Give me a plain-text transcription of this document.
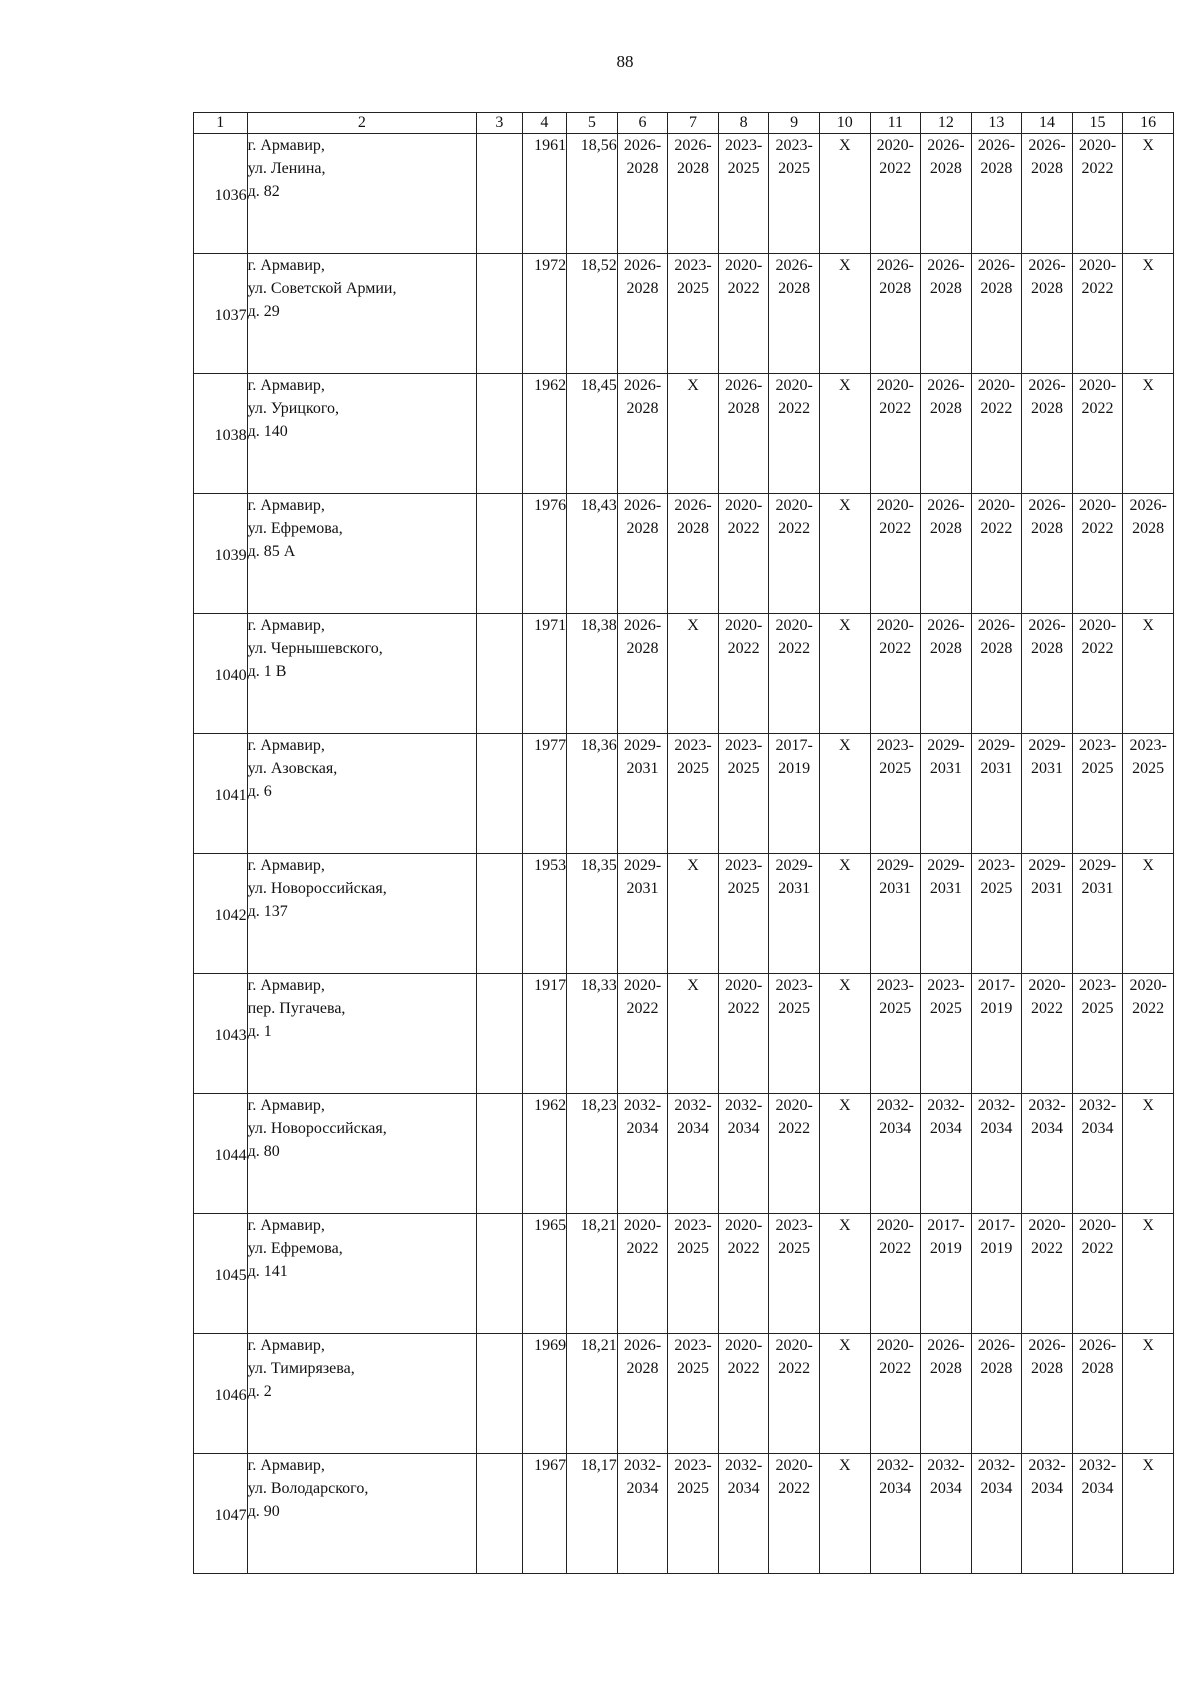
88
1	2	3	4	5	6	7	8	9	10	11	12	13	14	15	16

1036	г. Армавир,
ул. Ленина,
д. 82		1961	18,56	2026-
2028	2026-
2028	2023-
2025	2023-
2025	Х	2020-
2022	2026-
2028	2026-
2028	2026-
2028	2020-
2022	Х

1037	г. Армавир,
ул. Советской Армии,
д. 29		1972	18,52	2026-
2028	2023-
2025	2020-
2022	2026-
2028	Х	2026-
2028	2026-
2028	2026-
2028	2026-
2028	2020-
2022	Х

1038	г. Армавир,
ул. Урицкого,
д. 140		1962	18,45	2026-
2028	Х	2026-
2028	2020-
2022	Х	2020-
2022	2026-
2028	2020-
2022	2026-
2028	2020-
2022	Х

1039	г. Армавир,
ул. Ефремова,
д. 85 А		1976	18,43	2026-
2028	2026-
2028	2020-
2022	2020-
2022	Х	2020-
2022	2026-
2028	2020-
2022	2026-
2028	2020-
2022	2026-
2028

1040	г. Армавир,
ул. Чернышевского,
д. 1 В		1971	18,38	2026-
2028	Х	2020-
2022	2020-
2022	Х	2020-
2022	2026-
2028	2026-
2028	2026-
2028	2020-
2022	Х

1041	г. Армавир,
ул. Азовская,
д. 6		1977	18,36	2029-
2031	2023-
2025	2023-
2025	2017-
2019	Х	2023-
2025	2029-
2031	2029-
2031	2029-
2031	2023-
2025	2023-
2025

1042	г. Армавир,
ул. Новороссийская,
д. 137		1953	18,35	2029-
2031	Х	2023-
2025	2029-
2031	Х	2029-
2031	2029-
2031	2023-
2025	2029-
2031	2029-
2031	Х

1043	г. Армавир,
пер. Пугачева,
д. 1		1917	18,33	2020-
2022	Х	2020-
2022	2023-
2025	Х	2023-
2025	2023-
2025	2017-
2019	2020-
2022	2023-
2025	2020-
2022

1044	г. Армавир,
ул. Новороссийская,
д. 80		1962	18,23	2032-
2034	2032-
2034	2032-
2034	2020-
2022	Х	2032-
2034	2032-
2034	2032-
2034	2032-
2034	2032-
2034	Х

1045	г. Армавир,
ул. Ефремова,
д. 141		1965	18,21	2020-
2022	2023-
2025	2020-
2022	2023-
2025	Х	2020-
2022	2017-
2019	2017-
2019	2020-
2022	2020-
2022	Х

1046	г. Армавир,
ул. Тимирязева,
д. 2		1969	18,21	2026-
2028	2023-
2025	2020-
2022	2020-
2022	Х	2020-
2022	2026-
2028	2026-
2028	2026-
2028	2026-
2028	Х

1047	г. Армавир,
ул. Володарского,
д. 90		1967	18,17	2032-
2034	2023-
2025	2032-
2034	2020-
2022	Х	2032-
2034	2032-
2034	2032-
2034	2032-
2034	2032-
2034	Х
